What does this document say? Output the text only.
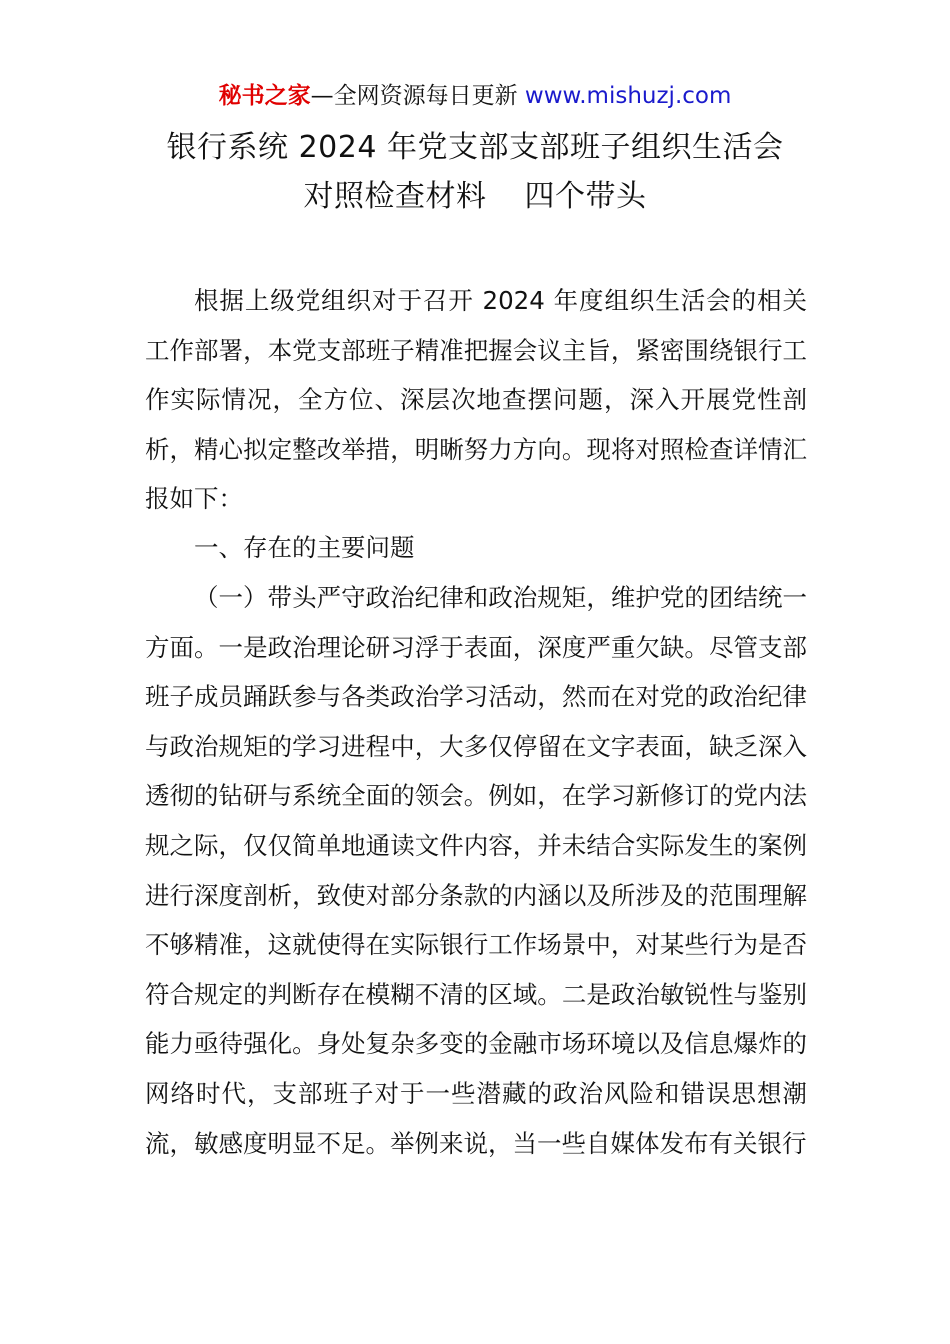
秘书之家—全网资源每日更新 www.mishuzj.com
银行系统 2024 年党支部支部班子组织生活会
对照检查材料 四个带头

根据上级党组织对于召开 2024 年度组织生活会的相关工作部署，本党支部班子精准把握会议主旨，紧密围绕银行工作实际情况，全方位、深层次地查摆问题，深入开展党性剖析，精心拟定整改举措，明晰努力方向。现将对照检查详情汇报如下：

一、存在的主要问题

（一）带头严守政治纪律和政治规矩，维护党的团结统一方面。一是政治理论研习浮于表面，深度严重欠缺。尽管支部班子成员踊跃参与各类政治学习活动，然而在对党的政治纪律与政治规矩的学习进程中，大多仅停留在文字表面，缺乏深入透彻的钻研与系统全面的领会。例如，在学习新修订的党内法规之际，仅仅简单地通读文件内容，并未结合实际发生的案例进行深度剖析，致使对部分条款的内涵以及所涉及的范围理解不够精准，这就使得在实际银行工作场景中，对某些行为是否符合规定的判断存在模糊不清的区域。二是政治敏锐性与鉴别能力亟待强化。身处复杂多变的金融市场环境以及信息爆炸的网络时代，支部班子对于一些潜藏的政治风险和错误思想潮流，敏感度明显不足。举例来说，当一些自媒体发布有关银行
